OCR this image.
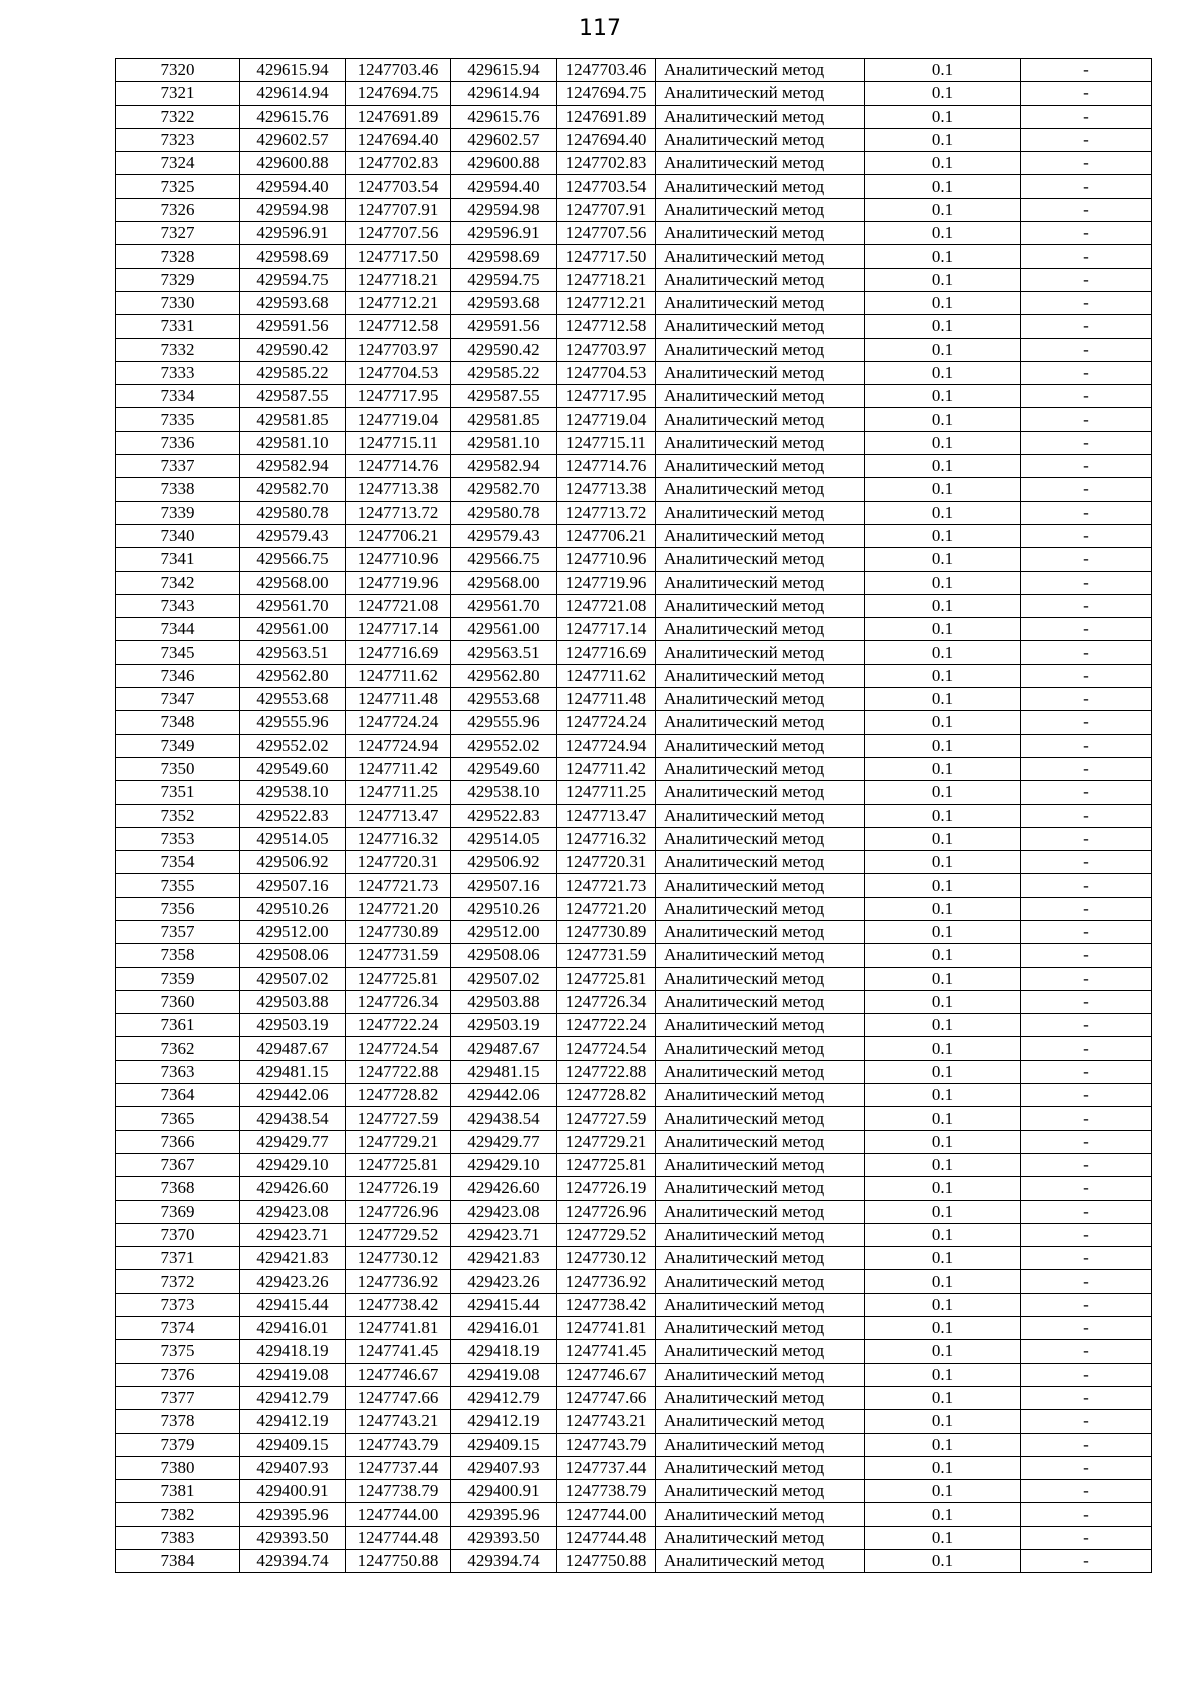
117
7320	429615.94	1247703.46	429615.94	1247703.46	Аналитический метод	0.1	-
7321	429614.94	1247694.75	429614.94	1247694.75	Аналитический метод	0.1	-
7322	429615.76	1247691.89	429615.76	1247691.89	Аналитический метод	0.1	-
7323	429602.57	1247694.40	429602.57	1247694.40	Аналитический метод	0.1	-
7324	429600.88	1247702.83	429600.88	1247702.83	Аналитический метод	0.1	-
7325	429594.40	1247703.54	429594.40	1247703.54	Аналитический метод	0.1	-
7326	429594.98	1247707.91	429594.98	1247707.91	Аналитический метод	0.1	-
7327	429596.91	1247707.56	429596.91	1247707.56	Аналитический метод	0.1	-
7328	429598.69	1247717.50	429598.69	1247717.50	Аналитический метод	0.1	-
7329	429594.75	1247718.21	429594.75	1247718.21	Аналитический метод	0.1	-
7330	429593.68	1247712.21	429593.68	1247712.21	Аналитический метод	0.1	-
7331	429591.56	1247712.58	429591.56	1247712.58	Аналитический метод	0.1	-
7332	429590.42	1247703.97	429590.42	1247703.97	Аналитический метод	0.1	-
7333	429585.22	1247704.53	429585.22	1247704.53	Аналитический метод	0.1	-
7334	429587.55	1247717.95	429587.55	1247717.95	Аналитический метод	0.1	-
7335	429581.85	1247719.04	429581.85	1247719.04	Аналитический метод	0.1	-
7336	429581.10	1247715.11	429581.10	1247715.11	Аналитический метод	0.1	-
7337	429582.94	1247714.76	429582.94	1247714.76	Аналитический метод	0.1	-
7338	429582.70	1247713.38	429582.70	1247713.38	Аналитический метод	0.1	-
7339	429580.78	1247713.72	429580.78	1247713.72	Аналитический метод	0.1	-
7340	429579.43	1247706.21	429579.43	1247706.21	Аналитический метод	0.1	-
7341	429566.75	1247710.96	429566.75	1247710.96	Аналитический метод	0.1	-
7342	429568.00	1247719.96	429568.00	1247719.96	Аналитический метод	0.1	-
7343	429561.70	1247721.08	429561.70	1247721.08	Аналитический метод	0.1	-
7344	429561.00	1247717.14	429561.00	1247717.14	Аналитический метод	0.1	-
7345	429563.51	1247716.69	429563.51	1247716.69	Аналитический метод	0.1	-
7346	429562.80	1247711.62	429562.80	1247711.62	Аналитический метод	0.1	-
7347	429553.68	1247711.48	429553.68	1247711.48	Аналитический метод	0.1	-
7348	429555.96	1247724.24	429555.96	1247724.24	Аналитический метод	0.1	-
7349	429552.02	1247724.94	429552.02	1247724.94	Аналитический метод	0.1	-
7350	429549.60	1247711.42	429549.60	1247711.42	Аналитический метод	0.1	-
7351	429538.10	1247711.25	429538.10	1247711.25	Аналитический метод	0.1	-
7352	429522.83	1247713.47	429522.83	1247713.47	Аналитический метод	0.1	-
7353	429514.05	1247716.32	429514.05	1247716.32	Аналитический метод	0.1	-
7354	429506.92	1247720.31	429506.92	1247720.31	Аналитический метод	0.1	-
7355	429507.16	1247721.73	429507.16	1247721.73	Аналитический метод	0.1	-
7356	429510.26	1247721.20	429510.26	1247721.20	Аналитический метод	0.1	-
7357	429512.00	1247730.89	429512.00	1247730.89	Аналитический метод	0.1	-
7358	429508.06	1247731.59	429508.06	1247731.59	Аналитический метод	0.1	-
7359	429507.02	1247725.81	429507.02	1247725.81	Аналитический метод	0.1	-
7360	429503.88	1247726.34	429503.88	1247726.34	Аналитический метод	0.1	-
7361	429503.19	1247722.24	429503.19	1247722.24	Аналитический метод	0.1	-
7362	429487.67	1247724.54	429487.67	1247724.54	Аналитический метод	0.1	-
7363	429481.15	1247722.88	429481.15	1247722.88	Аналитический метод	0.1	-
7364	429442.06	1247728.82	429442.06	1247728.82	Аналитический метод	0.1	-
7365	429438.54	1247727.59	429438.54	1247727.59	Аналитический метод	0.1	-
7366	429429.77	1247729.21	429429.77	1247729.21	Аналитический метод	0.1	-
7367	429429.10	1247725.81	429429.10	1247725.81	Аналитический метод	0.1	-
7368	429426.60	1247726.19	429426.60	1247726.19	Аналитический метод	0.1	-
7369	429423.08	1247726.96	429423.08	1247726.96	Аналитический метод	0.1	-
7370	429423.71	1247729.52	429423.71	1247729.52	Аналитический метод	0.1	-
7371	429421.83	1247730.12	429421.83	1247730.12	Аналитический метод	0.1	-
7372	429423.26	1247736.92	429423.26	1247736.92	Аналитический метод	0.1	-
7373	429415.44	1247738.42	429415.44	1247738.42	Аналитический метод	0.1	-
7374	429416.01	1247741.81	429416.01	1247741.81	Аналитический метод	0.1	-
7375	429418.19	1247741.45	429418.19	1247741.45	Аналитический метод	0.1	-
7376	429419.08	1247746.67	429419.08	1247746.67	Аналитический метод	0.1	-
7377	429412.79	1247747.66	429412.79	1247747.66	Аналитический метод	0.1	-
7378	429412.19	1247743.21	429412.19	1247743.21	Аналитический метод	0.1	-
7379	429409.15	1247743.79	429409.15	1247743.79	Аналитический метод	0.1	-
7380	429407.93	1247737.44	429407.93	1247737.44	Аналитический метод	0.1	-
7381	429400.91	1247738.79	429400.91	1247738.79	Аналитический метод	0.1	-
7382	429395.96	1247744.00	429395.96	1247744.00	Аналитический метод	0.1	-
7383	429393.50	1247744.48	429393.50	1247744.48	Аналитический метод	0.1	-
7384	429394.74	1247750.88	429394.74	1247750.88	Аналитический метод	0.1	-
